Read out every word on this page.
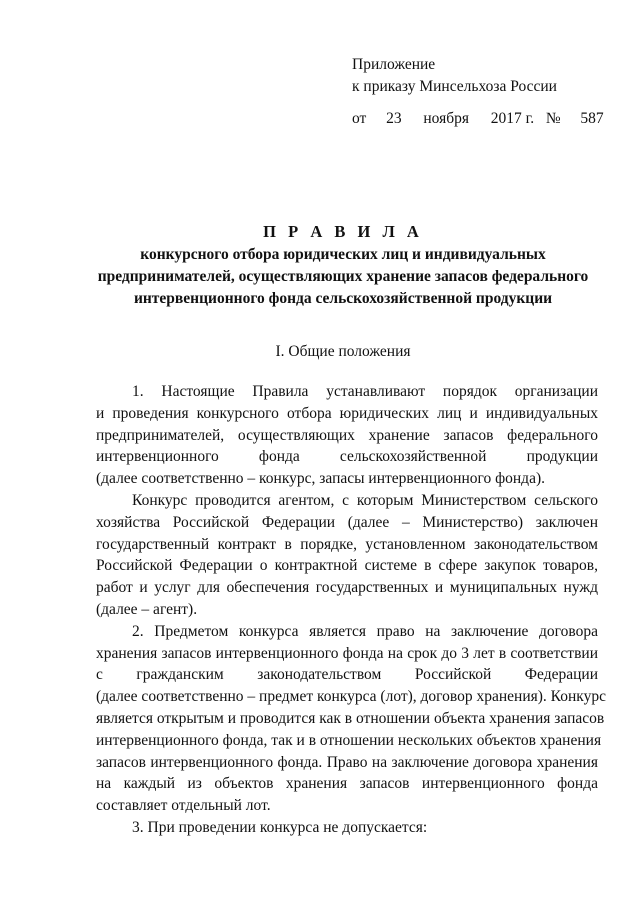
Приложение
к приказу Минсельхоза России
от 23 ноября 2017 г. № 587
П Р А В И Л А
конкурсного отбора юридических лиц и индивидуальных
предпринимателей, осуществляющих хранение запасов федерального
интервенционного фонда сельскохозяйственной продукции
I. Общие положения
1. Настоящие Правила устанавливают порядок организации
и проведения конкурсного отбора юридических лиц и индивидуальных
предпринимателей, осуществляющих хранение запасов федерального
интервенционного фонда сельскохозяйственной продукции
(далее соответственно – конкурс, запасы интервенционного фонда).
Конкурс проводится агентом, с которым Министерством сельского
хозяйства Российской Федерации (далее – Министерство) заключен
государственный контракт в порядке, установленном законодательством
Российской Федерации о контрактной системе в сфере закупок товаров,
работ и услуг для обеспечения государственных и муниципальных нужд
(далее – агент).
2. Предметом конкурса является право на заключение договора
хранения запасов интервенционного фонда на срок до 3 лет в соответствии
с гражданским законодательством Российской Федерации
(далее соответственно – предмет конкурса (лот), договор хранения). Конкурс
является открытым и проводится как в отношении объекта хранения запасов
интервенционного фонда, так и в отношении нескольких объектов хранения
запасов интервенционного фонда. Право на заключение договора хранения
на каждый из объектов хранения запасов интервенционного фонда
составляет отдельный лот.
3. При проведении конкурса не допускается:
